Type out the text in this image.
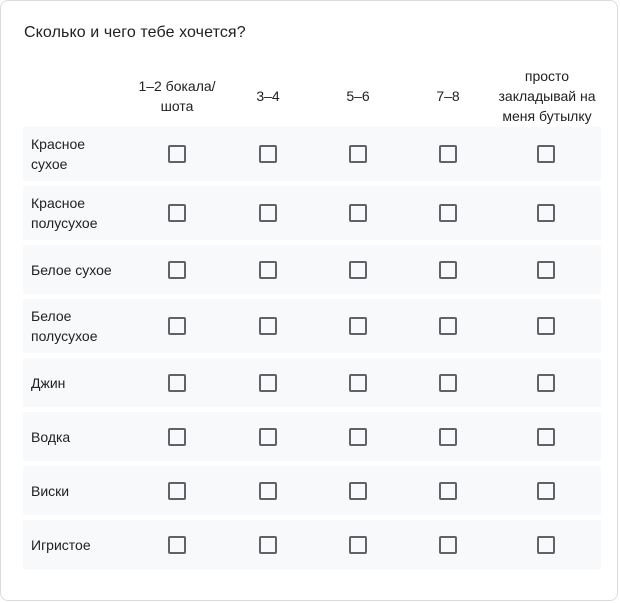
Сколько и чего тебе хочется?
1–2 бокала/ шота
3–4	5–6	7–8
просто закладывай на меня бутылку
Красное сухое
Красное полусухое
Белое сухое
Белое полусухое
Джин
Водка
Виски
Игристое
